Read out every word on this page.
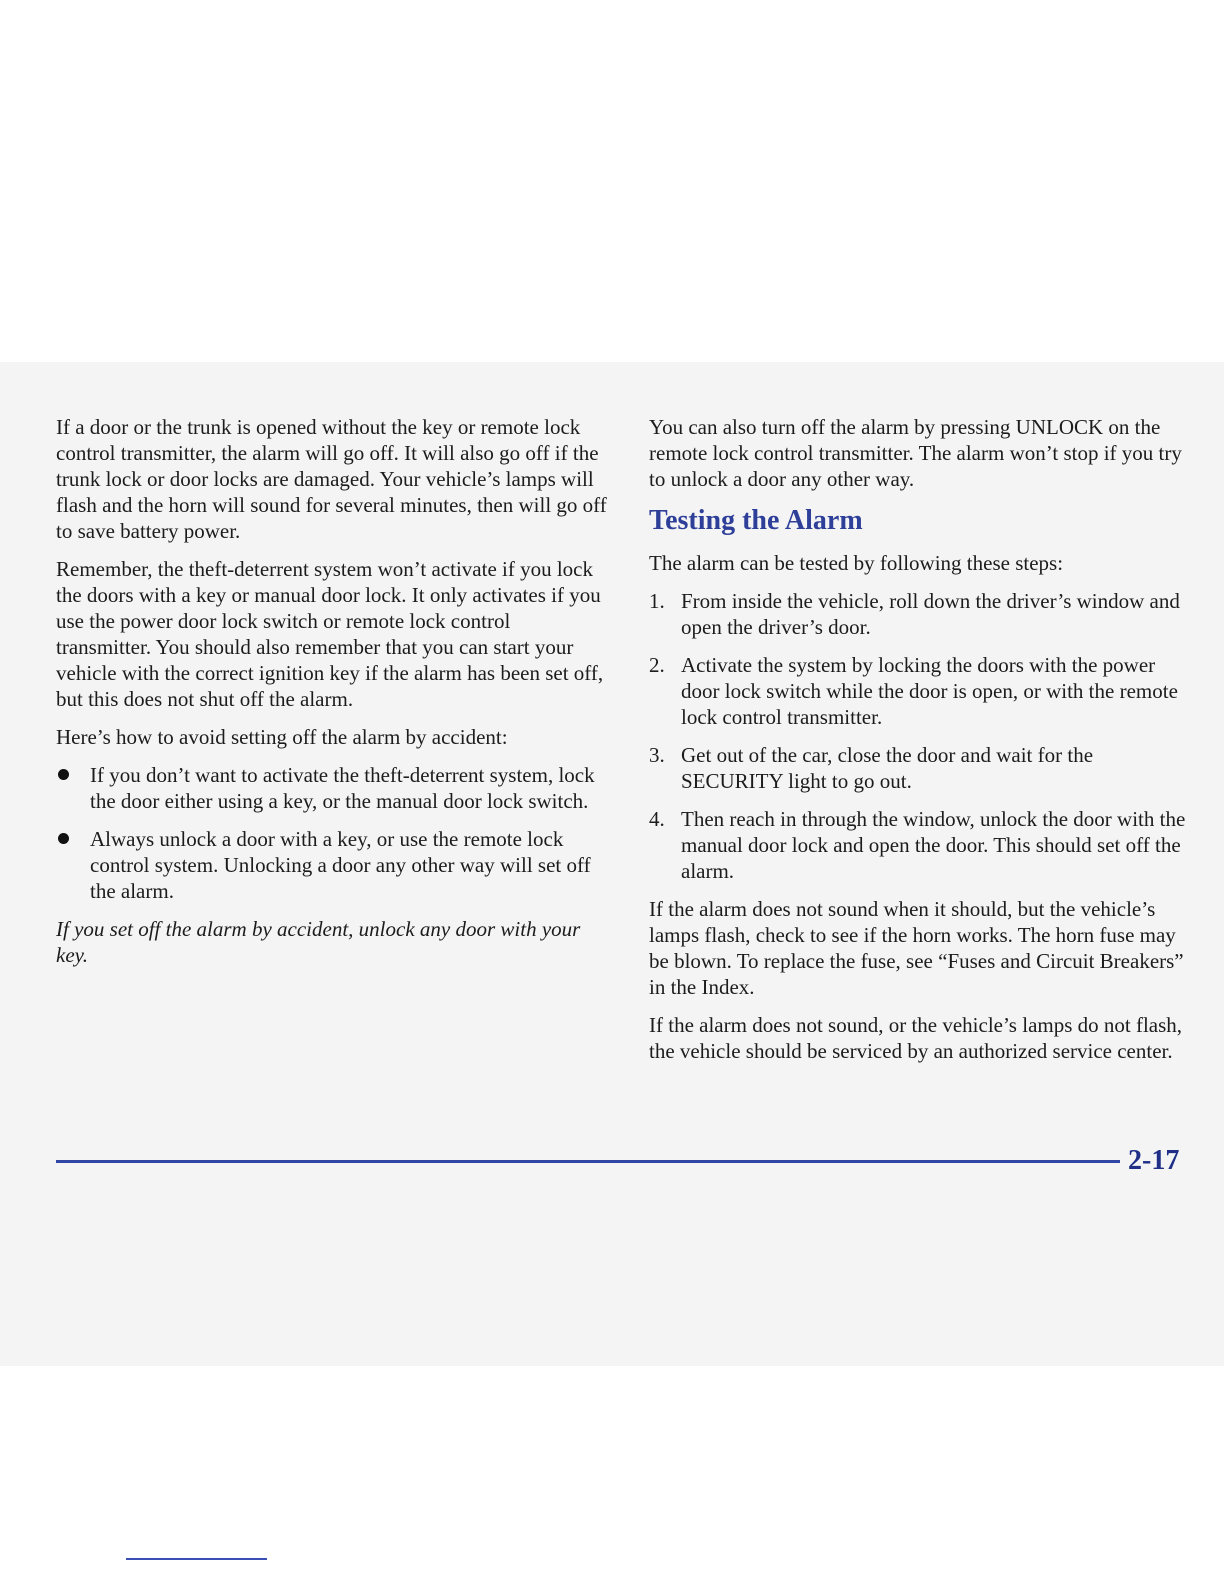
If a door or the trunk is opened without the key or remote lock control transmitter, the alarm will go off. It will also go off if the trunk lock or door locks are damaged. Your vehicle’s lamps will flash and the horn will sound for several minutes, then will go off to save battery power.

Remember, the theft-deterrent system won’t activate if you lock the doors with a key or manual door lock. It only activates if you use the power door lock switch or remote lock control transmitter. You should also remember that you can start your vehicle with the correct ignition key if the alarm has been set off, but this does not shut off the alarm.

Here’s how to avoid setting off the alarm by accident:

If you don’t want to activate the theft-deterrent system, lock the door either using a key, or the manual door lock switch.
Always unlock a door with a key, or use the remote lock control system. Unlocking a door any other way will set off the alarm.

If you set off the alarm by accident, unlock any door with your key.

You can also turn off the alarm by pressing UNLOCK on the remote lock control transmitter. The alarm won’t stop if you try to unlock a door any other way.

Testing the Alarm

The alarm can be tested by following these steps:

1. From inside the vehicle, roll down the driver’s window and open the driver’s door.
2. Activate the system by locking the doors with the power door lock switch while the door is open, or with the remote lock control transmitter.
3. Get out of the car, close the door and wait for the SECURITY light to go out.
4. Then reach in through the window, unlock the door with the manual door lock and open the door. This should set off the alarm.

If the alarm does not sound when it should, but the vehicle’s lamps flash, check to see if the horn works. The horn fuse may be blown. To replace the fuse, see “Fuses and Circuit Breakers” in the Index.

If the alarm does not sound, or the vehicle’s lamps do not flash, the vehicle should be serviced by an authorized service center.

2-17
